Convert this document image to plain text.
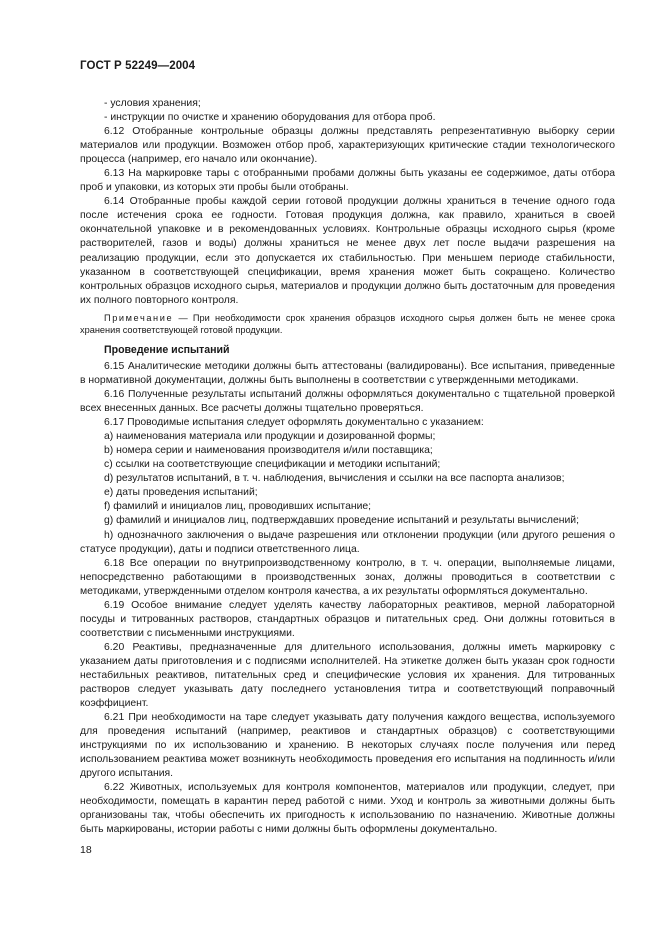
ГОСТ Р 52249—2004

- условия хранения;

- инструкции по очистке и хранению оборудования для отбора проб.

6.12 Отобранные контрольные образцы должны представлять репрезентативную выборку серии материалов или продукции. Возможен отбор проб, характеризующих критические стадии технологического процесса (например, его начало или окончание).

6.13 На маркировке тары с отобранными пробами должны быть указаны ее содержимое, даты отбора проб и упаковки, из которых эти пробы были отобраны.

6.14 Отобранные пробы каждой серии готовой продукции должны храниться в течение одного года после истечения срока ее годности. Готовая продукция должна, как правило, храниться в своей окончательной упаковке и в рекомендованных условиях. Контрольные образцы исходного сырья (кроме растворителей, газов и воды) должны храниться не менее двух лет после выдачи разрешения на реализацию продукции, если это допускается их стабильностью. При меньшем периоде стабильности, указанном в соответствующей спецификации, время хранения может быть сокращено. Количество контрольных образцов исходного сырья, материалов и продукции должно быть достаточным для проведения их полного повторного контроля.

Примечание — При необходимости срок хранения образцов исходного сырья должен быть не менее срока хранения соответствующей готовой продукции.

Проведение испытаний

6.15 Аналитические методики должны быть аттестованы (валидированы). Все испытания, приведенные в нормативной документации, должны быть выполнены в соответствии с утвержденными методиками.

6.16 Полученные результаты испытаний должны оформляться документально с тщательной проверкой всех внесенных данных. Все расчеты должны тщательно проверяться.

6.17 Проводимые испытания следует оформлять документально с указанием:

a) наименования материала или продукции и дозированной формы;

b) номера серии и наименования производителя и/или поставщика;

c) ссылки на соответствующие спецификации и методики испытаний;

d) результатов испытаний, в т. ч. наблюдения, вычисления и ссылки на все паспорта анализов;

e) даты проведения испытаний;

f) фамилий и инициалов лиц, проводивших испытание;

g) фамилий и инициалов лиц, подтверждавших проведение испытаний и результаты вычислений;

h) однозначного заключения о выдаче разрешения или отклонении продукции (или другого решения о статусе продукции), даты и подписи ответственного лица.

6.18 Все операции по внутрипроизводственному контролю, в т. ч. операции, выполняемые лицами, непосредственно работающими в производственных зонах, должны проводиться в соответствии с методиками, утвержденными отделом контроля качества, а их результаты оформляться документально.

6.19 Особое внимание следует уделять качеству лабораторных реактивов, мерной лабораторной посуды и титрованных растворов, стандартных образцов и питательных сред. Они должны готовиться в соответствии с письменными инструкциями.

6.20 Реактивы, предназначенные для длительного использования, должны иметь маркировку с указанием даты приготовления и с подписями исполнителей. На этикетке должен быть указан срок годности нестабильных реактивов, питательных сред и специфические условия их хранения. Для титрованных растворов следует указывать дату последнего установления титра и соответствующий поправочный коэффициент.

6.21 При необходимости на таре следует указывать дату получения каждого вещества, используемого для проведения испытаний (например, реактивов и стандартных образцов) с соответствующими инструкциями по их использованию и хранению. В некоторых случаях после получения или перед использованием реактива может возникнуть необходимость проведения его испытания на подлинность и/или другого испытания.

6.22 Животных, используемых для контроля компонентов, материалов или продукции, следует, при необходимости, помещать в карантин перед работой с ними. Уход и контроль за животными должны быть организованы так, чтобы обеспечить их пригодность к использованию по назначению. Животные должны быть маркированы, истории работы с ними должны быть оформлены документально.

18
